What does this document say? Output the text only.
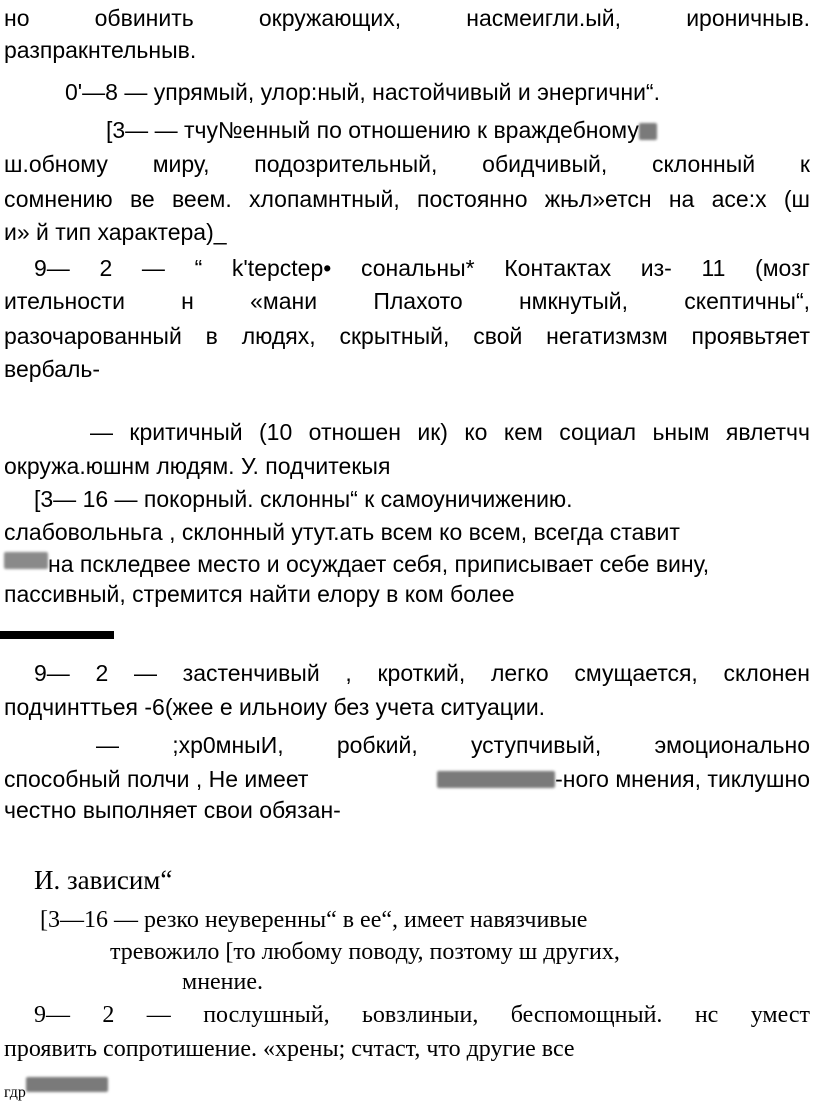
но обвинить окружающих, насмеигли.ый, ироничныв.
разпракнтельныв.
0'—8 — упрямый, улор:ный, настойчивый и энергични“.
[3— — тчу№енный по отношению к враждебному
ш.обному миру, подозрительный, обидчивый, склонный к
сомнению ве веем. хлопамнтный, постоянно жњл»етсн на асе:х (ш
и» й тип характера)_
9— 2 — “ k'tepctep• сональны* Контактах из- 11 (мозг
ительности н «мани Плахото нмкнутый, скептичны“,
разочарованный в людях, скрытный, свой негатизмзм проявьтяет
вербаль-
— критичный (10 отношен ик) ко кем социал ьным явлетчч
окружа.юшнм людям. У. подчитекыя
[3— 16 — покорный. склонны“ к самоуничижению.
слабовольньга , склонный утут.ать всем ко всем, всегда ставит
на пскледвее место и осуждает себя, приписывает себе вину,
пассивный, стремится найти елору в ком более
9— 2 — застенчивый , кроткий, легко смущается, склонен
подчинттьея -6(жее е ильноиу без учета ситуации.
— ;хр0мныИ, робкий, уступчивый, эмоционально
способный полчи , Не имеет	-ного мнения, тиклушно
честно выполняет свои обязан-
И. зависим“
[3—16 — резко неуверенны“ в ее“, имеет навязчивые
тревожило [то любому поводу, позтому ш других,
мнение.
9— 2 — послушный, ьовзлиныи, беспомощный. нс умест
проявить сопротишение. «хрены; счтаст, что другие все
гдр
